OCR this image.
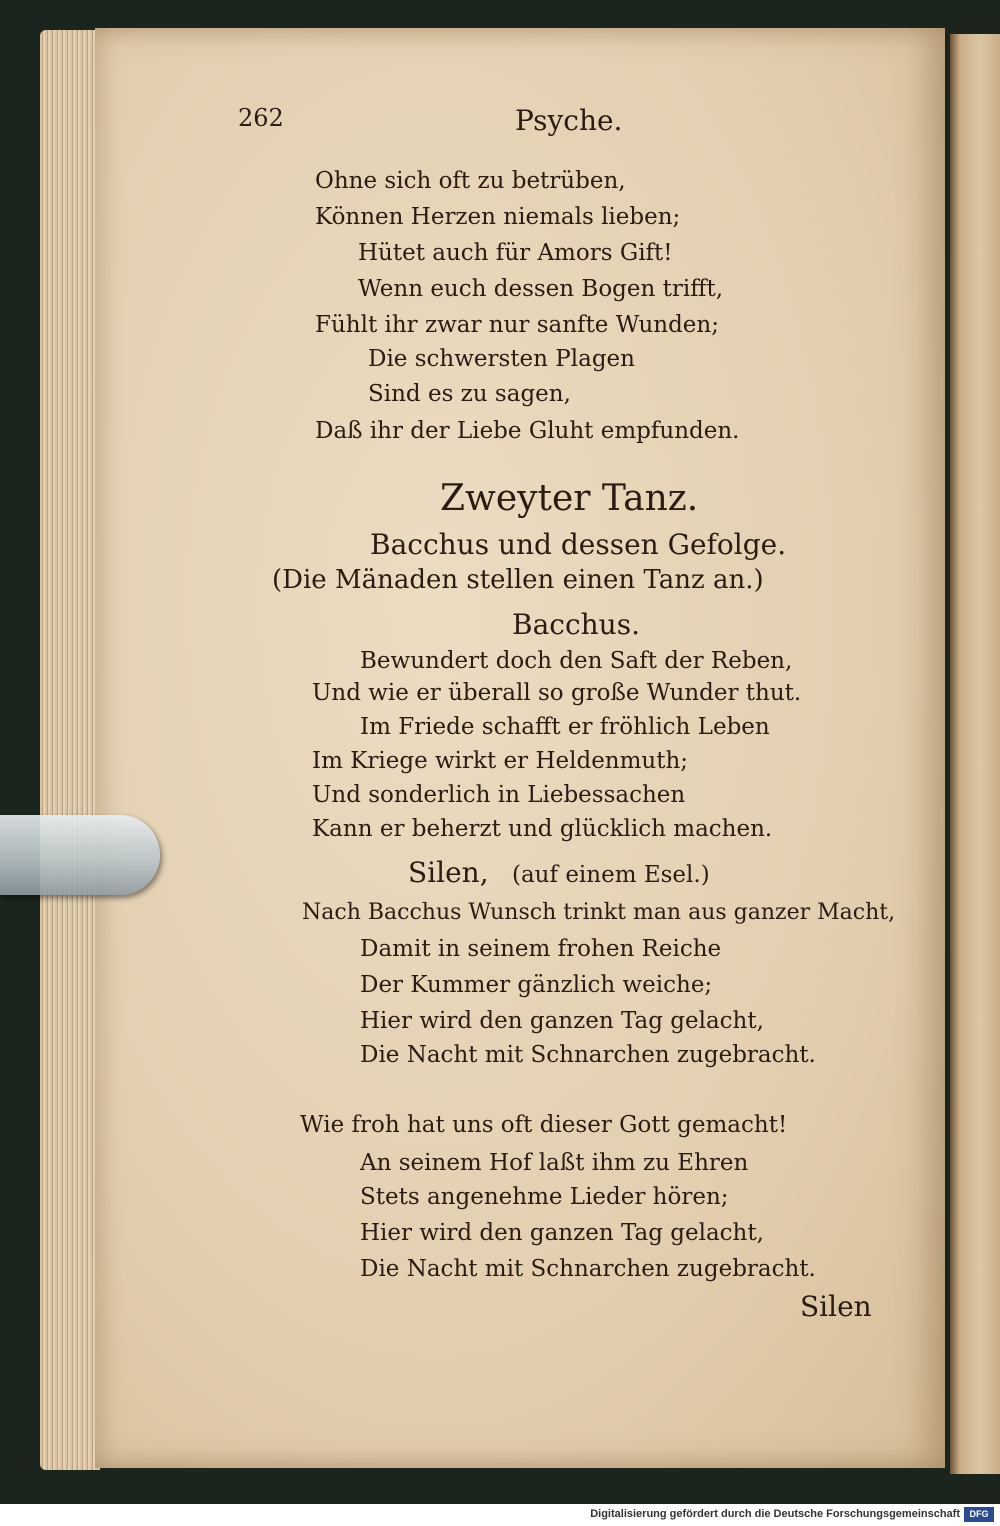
262	Psyche.
Ohne sich oft zu betrüben,
Können Herzen niemals lieben;
Hütet auch für Amors Gift!
Wenn euch dessen Bogen trifft,
Fühlt ihr zwar nur sanfte Wunden;
Die schwersten Plagen
Sind es zu sagen,
Daß ihr der Liebe Gluht empfunden.
Zweyter Tanz.
Bacchus und dessen Gefolge.
(Die Mänaden stellen einen Tanz an.)
Bacchus.
Bewundert doch den Saft der Reben,
Und wie er überall so große Wunder thut.
Im Friede schafft er fröhlich Leben
Im Kriege wirkt er Heldenmuth;
Und sonderlich in Liebessachen
Kann er beherzt und glücklich machen.
Silen, (auf einem Esel.)
Nach Bacchus Wunsch trinkt man aus ganzer Macht,
Damit in seinem frohen Reiche
Der Kummer gänzlich weiche;
Hier wird den ganzen Tag gelacht,
Die Nacht mit Schnarchen zugebracht.
Wie froh hat uns oft dieser Gott gemacht!
An seinem Hof laßt ihm zu Ehren
Stets angenehme Lieder hören;
Hier wird den ganzen Tag gelacht,
Die Nacht mit Schnarchen zugebracht.
Silen
Digitalisierung gefördert durch die Deutsche Forschungsgemeinschaft	DFG
